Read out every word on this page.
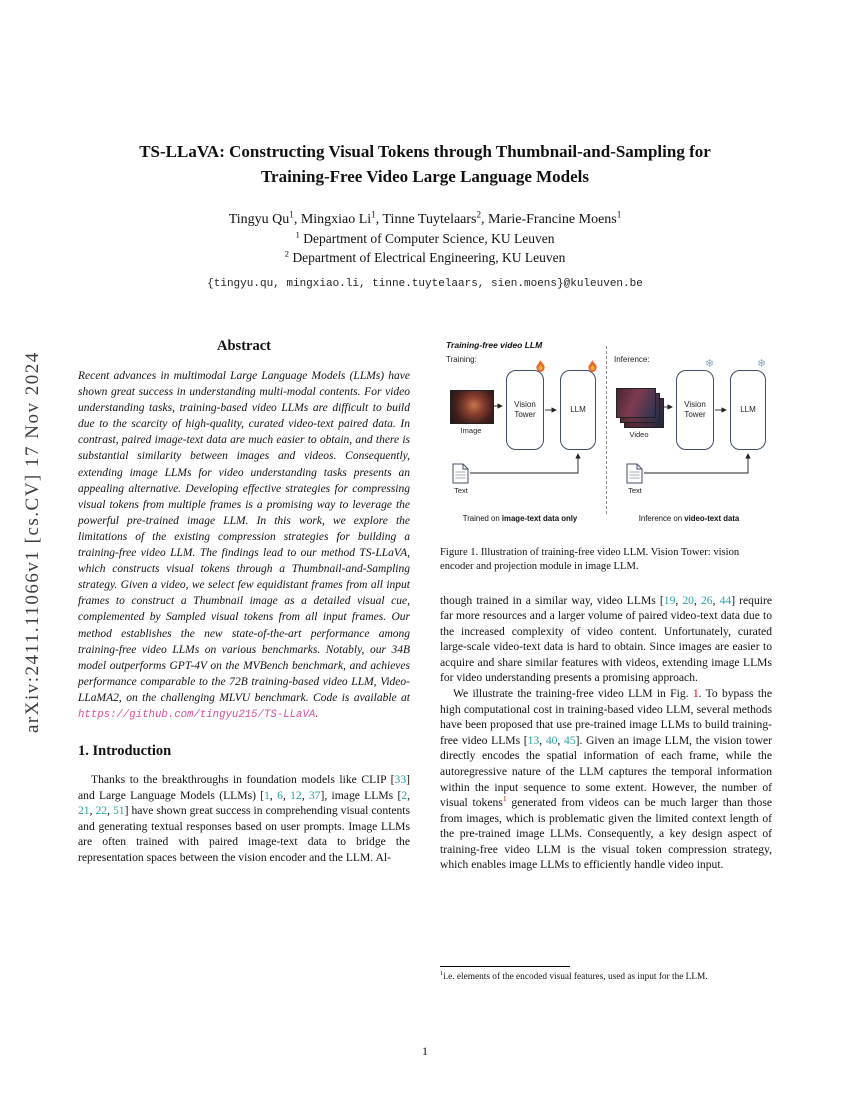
arXiv:2411.11066v1 [cs.CV] 17 Nov 2024
TS-LLaVA: Constructing Visual Tokens through Thumbnail-and-Sampling for Training-Free Video Large Language Models
Tingyu Qu$^1$, Mingxiao Li$^1$, Tinne Tuytelaars$^2$, Marie-Francine Moens$^1$
$^1$ Department of Computer Science, KU Leuven
$^2$ Department of Electrical Engineering, KU Leuven
{tingyu.qu, mingxiao.li, tinne.tuytelaars, sien.moens}@kuleuven.be
Abstract

Recent advances in multimodal Large Language Models (LLMs) have shown great success in understanding multi-modal contents. For video understanding tasks, training-based video LLMs are difficult to build due to the scarcity of high-quality, curated video-text paired data. In contrast, paired image-text data are much easier to obtain, and there is substantial similarity between images and videos. Consequently, extending image LLMs for video understanding tasks presents an appealing alternative. Developing effective strategies for compressing visual tokens from multiple frames is a promising way to leverage the powerful pre-trained image LLM. In this work, we explore the limitations of the existing compression strategies for building a training-free video LLM. The findings lead to our method TS-LLaVA, which constructs visual tokens through a Thumbnail-and-Sampling strategy. Given a video, we select few equidistant frames from all input frames to construct a Thumbnail image as a detailed visual cue, complemented by Sampled visual tokens from all input frames. Our method establishes the new state-of-the-art performance among training-free video LLMs on various benchmarks. Notably, our 34B model outperforms GPT-4V on the MVBench benchmark, and achieves performance comparable to the 72B training-based video LLM, Video-LLaMA2, on the challenging MLVU benchmark. Code is available at https://github.com/tingyu215/TS-LLaVA.

1. Introduction

Thanks to the breakthroughs in foundation models like CLIP [33] and Large Language Models (LLMs) [1, 6, 12, 37], image LLMs [2, 21, 22, 51] have shown great success in comprehending visual contents and generating textual responses based on user prompts. Image LLMs are often trained with paired image-text data to bridge the representation spaces between the vision encoder and the LLM. Al-

Training-free video LLM
Training:	Inference:
Image
Vision Tower
LLM
Text
Video
Vision Tower
❄
LLM
❄
Text
Trained on image-text data only	Inference on video-text data
Figure 1. Illustration of training-free video LLM. Vision Tower: vision encoder and projection module in image LLM.

though trained in a similar way, video LLMs [19, 20, 26, 44] require far more resources and a larger volume of paired video-text data due to the increased complexity of video content. Unfortunately, curated large-scale video-text data is hard to obtain. Since images are easier to acquire and share similar features with videos, extending image LLMs for video understanding presents a promising approach.

We illustrate the training-free video LLM in Fig. 1. To bypass the high computational cost in training-based video LLM, several methods have been proposed that use pre-trained image LLMs to build training-free video LLMs [13, 40, 45]. Given an image LLM, the vision tower directly encodes the spatial information of each frame, while the autoregressive nature of the LLM captures the temporal information within the input sequence to some extent. However, the number of visual tokens$^1$ generated from videos can be much larger than those from images, which is problematic given the limited context length of the pre-trained image LLMs. Consequently, a key design aspect of training-free video LLM is the visual token compression strategy, which enables image LLMs to efficiently handle video input.

$^1$i.e. elements of the encoded visual features, used as input for the LLM.

1
